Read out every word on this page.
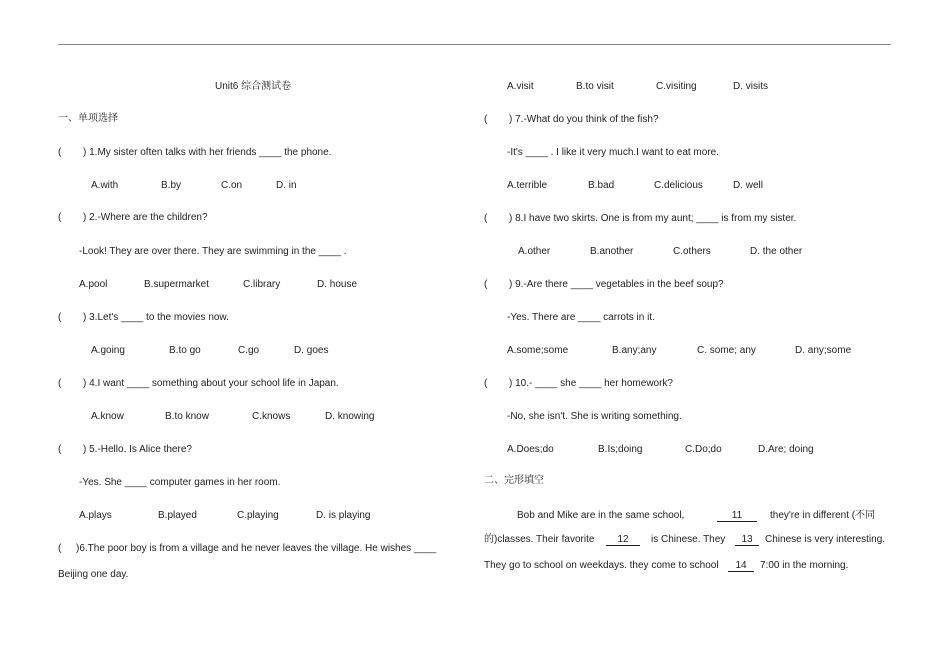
Unit6 综合测试卷
一、单项选择
( ) 1.My sister often talks with her friends ____ the phone.
A.with	B.by	C.on	D. in
( ) 2.-Where are the children?
-Look! They are over there. They are swimming in the ____ .
A.pool	B.supermarket	C.library	D. house
( ) 3.Let's ____ to the movies now.
A.going	B.to go	C.go	D. goes
( ) 4.I want ____ something about your school life in Japan.
A.know	B.to know	C.knows	D. knowing
( ) 5.-Hello. Is Alice there?
-Yes. She ____ computer games in her room.
A.plays	B.played	C.playing	D. is playing
( )6.The poor boy is from a village and he never leaves the village. He wishes ____
Beijing one day.
A.visit	B.to visit	C.visiting	D. visits
( ) 7.-What do you think of the fish?
-It's ____ . I like it very much.I want to eat more.
A.terrible	B.bad	C.delicious	D. well
( ) 8.I have two skirts. One is from my aunt; ____ is from my sister.
A.other	B.another	C.others	D. the other
( ) 9.-Are there ____ vegetables in the beef soup?
-Yes. There are ____ carrots in it.
A.some;some	B.any;any	C. some; any	D. any;some
( ) 10.- ____ she ____ her homework?
-No, she isn't. She is writing something.
A.Does;do	B.Is;doing	C.Do;do	D.Are; doing
二、完形填空
Bob and Mike are in the same school,	11	they're in different (不同
的)classes. Their favorite	12	is Chinese. They	13	Chinese is very interesting.
They go to school on weekdays. they come to school	14	7:00 in the morning.
